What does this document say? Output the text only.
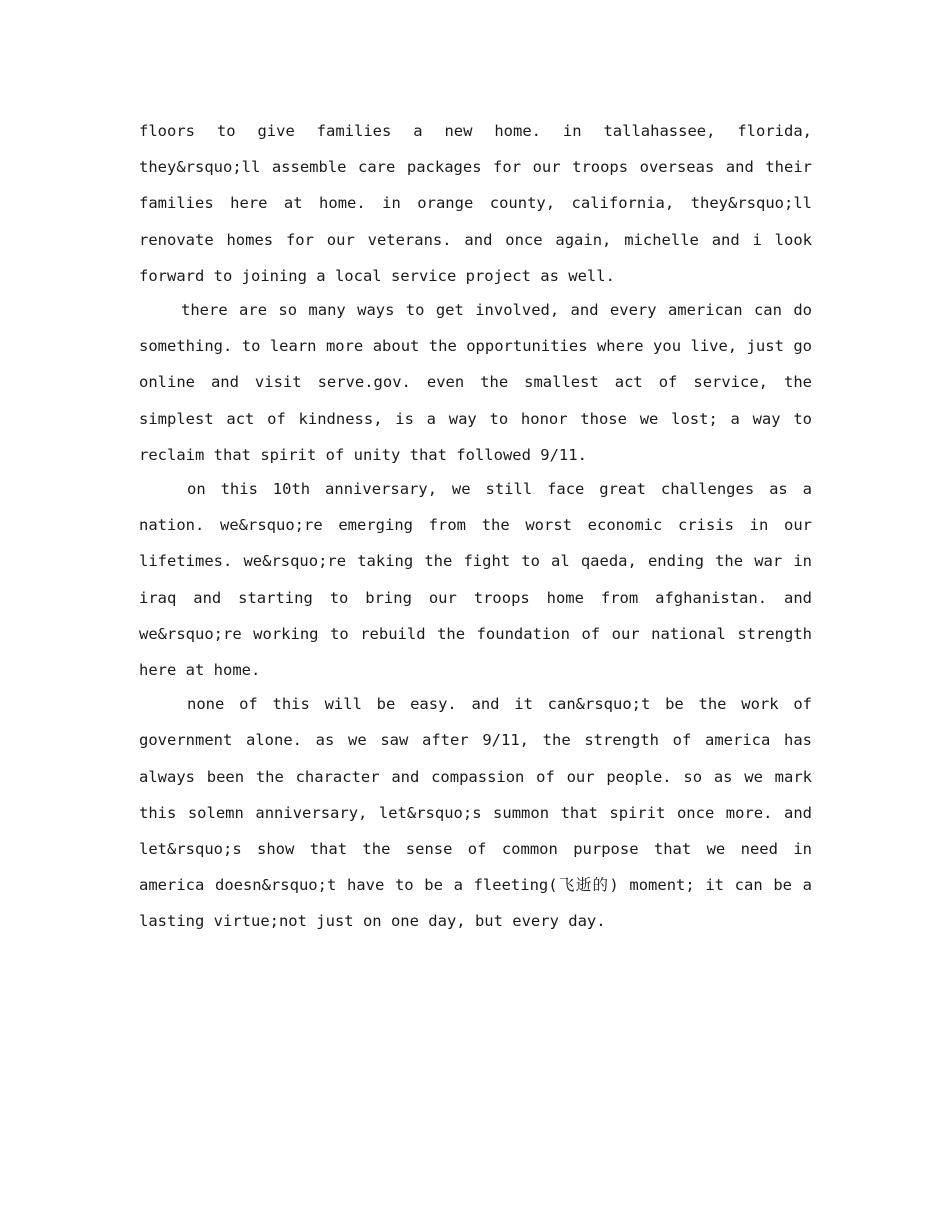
floors to give families a new home. in tallahassee, florida, they&rsquo;ll assemble care packages for our troops overseas and their families here at home. in orange county, california, they&rsquo;ll renovate homes for our veterans. and once again, michelle and i look forward to joining a local service project as well.

there are so many ways to get involved, and every american can do something. to learn more about the opportunities where you live, just go online and visit serve.gov. even the smallest act of service, the simplest act of kindness, is a way to honor those we lost; a way to reclaim that spirit of unity that followed 9/11.

on this 10th anniversary, we still face great challenges as a nation. we&rsquo;re emerging from the worst economic crisis in our lifetimes. we&rsquo;re taking the fight to al qaeda, ending the war in iraq and starting to bring our troops home from afghanistan. and we&rsquo;re working to rebuild the foundation of our national strength here at home.

none of this will be easy. and it can&rsquo;t be the work of government alone. as we saw after 9/11, the strength of america has always been the character and compassion of our people. so as we mark this solemn anniversary, let&rsquo;s summon that spirit once more. and let&rsquo;s show that the sense of common purpose that we need in america doesn&rsquo;t have to be a fleeting(飞逝的) moment; it can be a lasting virtue;not just on one day, but every day.
